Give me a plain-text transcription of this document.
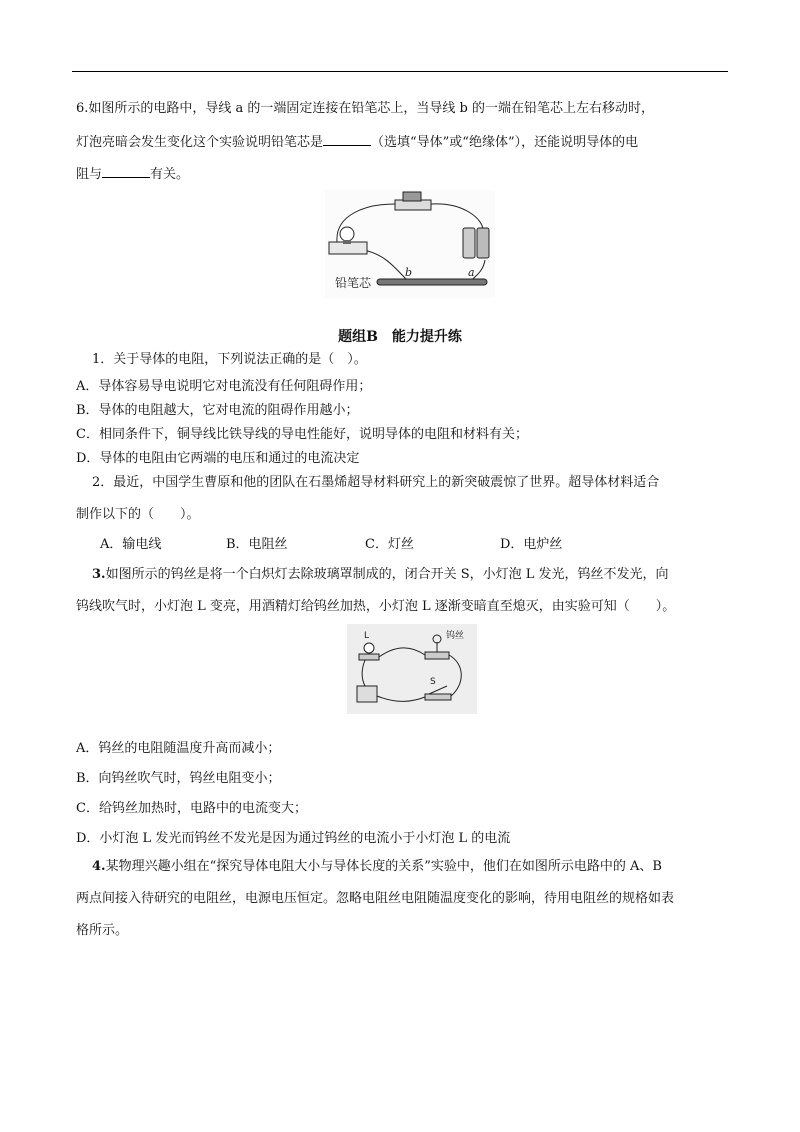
6.如图所示的电路中，导线 a 的一端固定连接在铅笔芯上，当导线 b 的一端在铅笔芯上左右移动时，
灯泡亮暗会发生变化这个实验说明铅笔芯是	（选填“导体”或“绝缘体”），还能说明导体的电
阻与	有关。
铅笔芯
b	a
题组B　能力提升练
1．关于导体的电阻，下列说法正确的是（　）。
A．导体容易导电说明它对电流没有任何阻碍作用；
B．导体的电阻越大，它对电流的阻碍作用越小；
C．相同条件下，铜导线比铁导线的导电性能好，说明导体的电阻和材料有关；
D．导体的电阻由它两端的电压和通过的电流决定
2．最近，中国学生曹原和他的团队在石墨烯超导材料研究上的新突破震惊了世界。超导体材料适合
制作以下的（　　）。
A．输电线	B．电阻丝	C．灯丝	D．电炉丝
3.如图所示的钨丝是将一个白炽灯去除玻璃罩制成的，闭合开关 S，小灯泡 L 发光，钨丝不发光，向
钨线吹气时，小灯泡 L 变亮，用酒精灯给钨丝加热，小灯泡 L 逐渐变暗直至熄灭，由实验可知（　　）。
L	钨丝
S
A．钨丝的电阻随温度升高而减小；
B．向钨丝吹气时，钨丝电阻变小；
C．给钨丝加热时，电路中的电流变大；
D．小灯泡 L 发光而钨丝不发光是因为通过钨丝的电流小于小灯泡 L 的电流
4.某物理兴趣小组在“探究导体电阻大小与导体长度的关系”实验中，他们在如图所示电路中的 A、B
两点间接入待研究的电阻丝，电源电压恒定。忽略电阻丝电阻随温度变化的影响，待用电阻丝的规格如表
格所示。
